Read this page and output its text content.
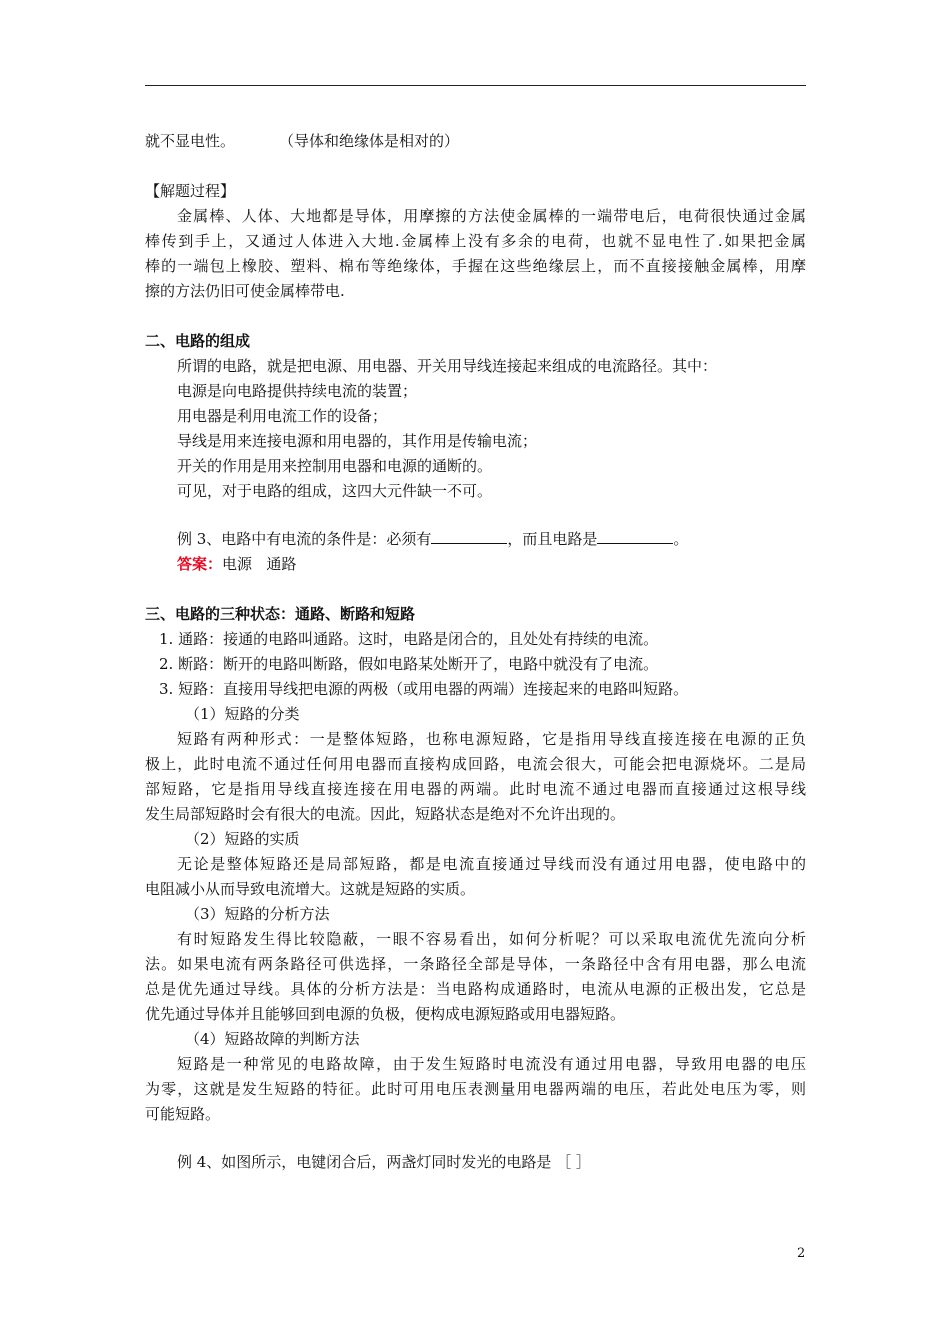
就不显电性。	（导体和绝缘体是相对的）
【解题过程】
金属棒、人体、大地都是导体，用摩擦的方法使金属棒的一端带电后，电荷很快通过金属
棒传到手上，又通过人体进入大地.金属棒上没有多余的电荷，也就不显电性了.如果把金属
棒的一端包上橡胶、塑料、棉布等绝缘体，手握在这些绝缘层上，而不直接接触金属棒，用摩
擦的方法仍旧可使金属棒带电.
二、电路的组成
所谓的电路，就是把电源、用电器、开关用导线连接起来组成的电流路径。其中：
电源是向电路提供持续电流的装置；
用电器是利用电流工作的设备；
导线是用来连接电源和用电器的，其作用是传输电流；
开关的作用是用来控制用电器和电源的通断的。
可见，对于电路的组成，这四大元件缺一不可。
例 3、电路中有电流的条件是：必须有	，而且电路是	。
答案：电源   通路
三、电路的三种状态：通路、断路和短路
1. 通路：接通的电路叫通路。这时，电路是闭合的，且处处有持续的电流。
2. 断路：断开的电路叫断路，假如电路某处断开了，电路中就没有了电流。
3. 短路：直接用导线把电源的两极（或用电器的两端）连接起来的电路叫短路。
（1）短路的分类
短路有两种形式：一是整体短路，也称电源短路，它是指用导线直接连接在电源的正负
极上，此时电流不通过任何用电器而直接构成回路，电流会很大，可能会把电源烧坏。二是局
部短路，它是指用导线直接连接在用电器的两端。此时电流不通过电器而直接通过这根导线
发生局部短路时会有很大的电流。因此，短路状态是绝对不允许出现的。
（2）短路的实质
无论是整体短路还是局部短路，都是电流直接通过导线而没有通过用电器，使电路中的
电阻减小从而导致电流增大。这就是短路的实质。
（3）短路的分析方法
有时短路发生得比较隐蔽，一眼不容易看出，如何分析呢？可以采取电流优先流向分析
法。如果电流有两条路径可供选择，一条路径全部是导体，一条路径中含有用电器，那么电流
总是优先通过导线。具体的分析方法是：当电路构成通路时，电流从电源的正极出发，它总是
优先通过导体并且能够回到电源的负极，便构成电源短路或用电器短路。
（4）短路故障的判断方法
短路是一种常见的电路故障，由于发生短路时电流没有通过用电器，导致用电器的电压
为零，这就是发生短路的特征。此时可用电压表测量用电器两端的电压，若此处电压为零，则
可能短路。
例 4、如图所示，电键闭合后，两盏灯同时发光的电路是 ［ ］
2
